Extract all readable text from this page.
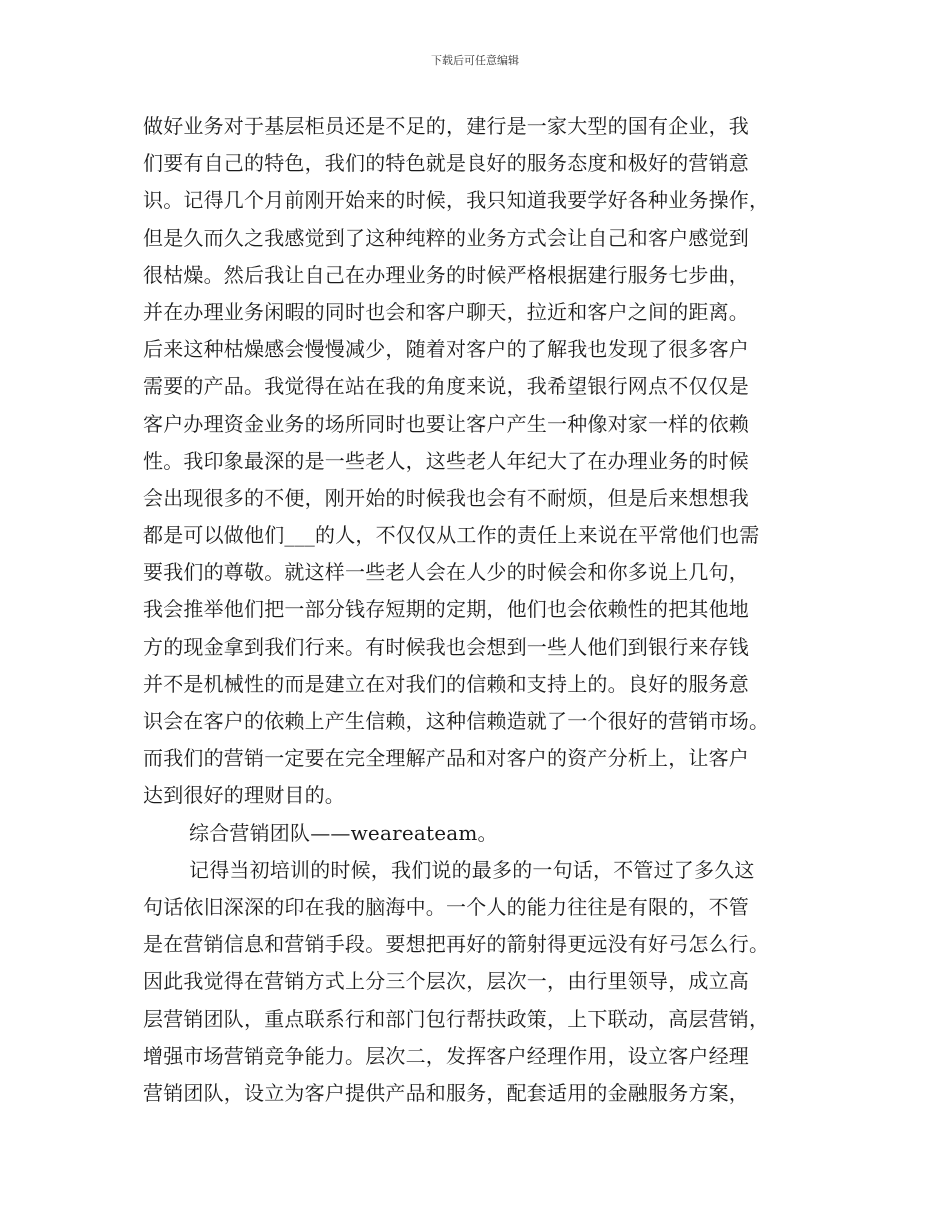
下载后可任意编辑
做好业务对于基层柜员还是不足的，建行是一家大型的国有企业，我
们要有自己的特色，我们的特色就是良好的服务态度和极好的营销意
识。记得几个月前刚开始来的时候，我只知道我要学好各种业务操作，
但是久而久之我感觉到了这种纯粹的业务方式会让自己和客户感觉到
很枯燥。然后我让自己在办理业务的时候严格根据建行服务七步曲，
并在办理业务闲暇的同时也会和客户聊天，拉近和客户之间的距离。
后来这种枯燥感会慢慢减少，随着对客户的了解我也发现了很多客户
需要的产品。我觉得在站在我的角度来说，我希望银行网点不仅仅是
客户办理资金业务的场所同时也要让客户产生一种像对家一样的依赖
性。我印象最深的是一些老人，这些老人年纪大了在办理业务的时候
会出现很多的不便，刚开始的时候我也会有不耐烦，但是后来想想我
都是可以做他们___的人，不仅仅从工作的责任上来说在平常他们也需
要我们的尊敬。就这样一些老人会在人少的时候会和你多说上几句，
我会推举他们把一部分钱存短期的定期，他们也会依赖性的把其他地
方的现金拿到我们行来。有时候我也会想到一些人他们到银行来存钱
并不是机械性的而是建立在对我们的信赖和支持上的。良好的服务意
识会在客户的依赖上产生信赖，这种信赖造就了一个很好的营销市场。
而我们的营销一定要在完全理解产品和对客户的资产分析上，让客户
达到很好的理财目的。
综合营销团队——weareateam。
记得当初培训的时候，我们说的最多的一句话，不管过了多久这
句话依旧深深的印在我的脑海中。一个人的能力往往是有限的，不管
是在营销信息和营销手段。要想把再好的箭射得更远没有好弓怎么行。
因此我觉得在营销方式上分三个层次，层次一，由行里领导，成立高
层营销团队，重点联系行和部门包行帮扶政策，上下联动，高层营销，
增强市场营销竞争能力。层次二，发挥客户经理作用，设立客户经理
营销团队，设立为客户提供产品和服务，配套适用的金融服务方案，
